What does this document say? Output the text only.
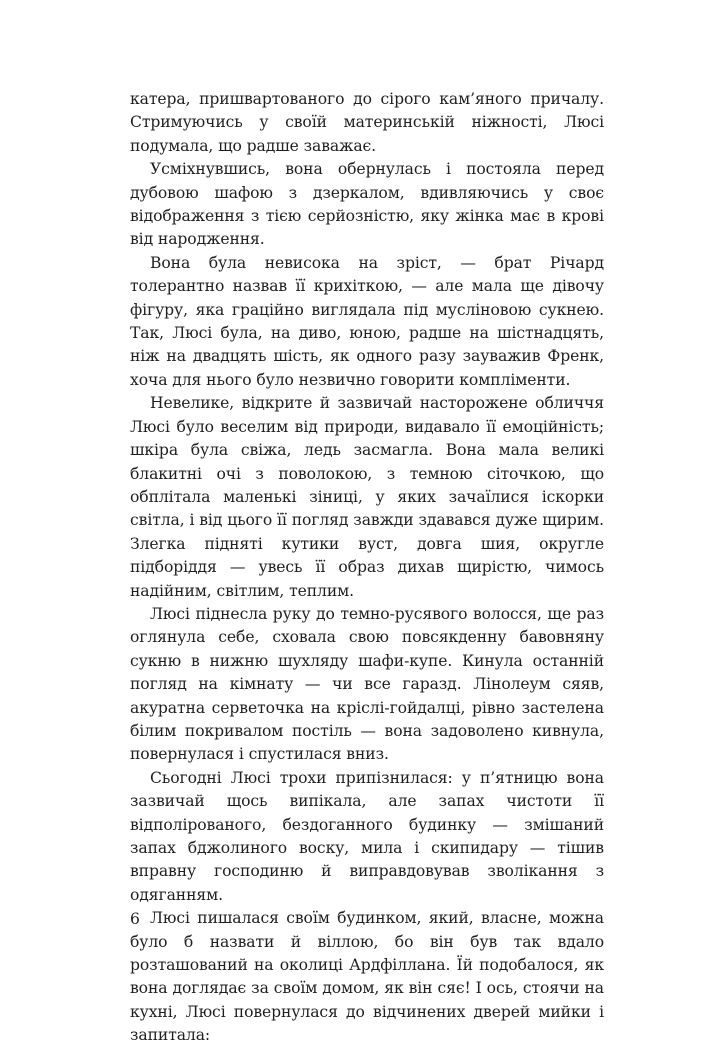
катера, пришвартованого до сірого кам’яного причалу. Стримуючись у своїй материнській ніжності, Люсі подумала, що радше заважає.

Усміхнувшись, вона обернулась і постояла перед дубовою шафою з дзеркалом, вдивляючись у своє відображення з тією серйозністю, яку жінка має в крові від народження.

Вона була невисока на зріст, — брат Річард толерантно назвав її крихіткою, — але мала ще дівочу фігуру, яка граційно виглядала під мусліновою сукнею. Так, Люсі була, на диво, юною, радше на шістнадцять, ніж на двадцять шість, як одного разу зауважив Френк, хоча для нього було незвично говорити компліменти.

Невелике, відкрите й зазвичай насторожене обличчя Люсі було веселим від природи, видавало її емоційність; шкіра була свіжа, ледь засмагла. Вона мала великі блакитні очі з поволокою, з темною сіточкою, що обплітала маленькі зіниці, у яких зачаїлися іскорки світла, і від цього її погляд завжди здавався дуже щирим. Злегка підняті кутики вуст, довга шия, округле підборіддя — увесь її образ дихав щирістю, чимось надійним, світлим, теплим.

Люсі піднесла руку до темно-русявого волосся, ще раз оглянула себе, сховала свою повсякденну бавовняну сукню в нижню шухляду шафи-купе. Кинула останній погляд на кімнату — чи все гаразд. Лінолеум сяяв, акуратна серветочка на кріслі-гойдалці, рівно застелена білим покривалом постіль — вона задоволено кивнула, повернулася і спустилася вниз.

Сьогодні Люсі трохи припізнилася: у п’ятницю вона зазвичай щось випікала, але запах чистоти її відполірованого, бездоганного будинку — змішаний запах бджолиного воску, мила і скипидару — тішив вправну господиню й виправдовував зволікання з одяганням.

Люсі пишалася своїм будинком, який, власне, можна було б назвати й віллою, бо він був так вдало розташований на околиці Ардфіллана. Їй подобалося, як вона доглядає за своїм домом, як він сяє! І ось, стоячи на кухні, Люсі повернулася до відчинених дверей мийки і запитала:

6
